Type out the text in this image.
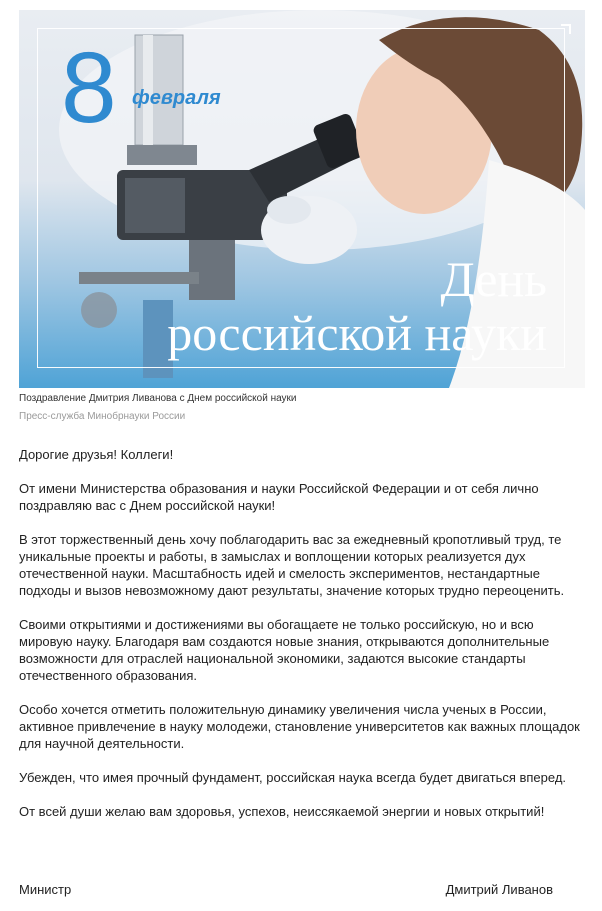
8 февраля
День
российской науки
Поздравление Дмитрия Ливанова с Днем российской науки
Пресс-служба Минобрнауки России

Дорогие друзья! Коллеги!

От имени Министерства образования и науки Российской Федерации и от себя лично поздравляю вас с Днем российской науки!

В этот торжественный день хочу поблагодарить вас за ежедневный кропотливый труд, те уникальные проекты и работы, в замыслах и воплощении которых реализуется дух отечественной науки. Масштабность идей и смелость экспериментов, нестандартные подходы и вызов невозможному дают результаты, значение которых трудно переоценить.

Своими открытиями и достижениями вы обогащаете не только российскую, но и всю мировую науку. Благодаря вам создаются новые знания, открываются дополнительные возможности для отраслей национальной экономики, задаются высокие стандарты отечественного образования.

Особо хочется отметить положительную динамику увеличения числа ученых в России, активное привлечение в науку молодежи, становление университетов как важных площадок для научной деятельности.

Убежден, что имея прочный фундамент, российская наука всегда будет двигаться вперед.

От всей души желаю вам здоровья, успехов, неиссякаемой энергии и новых открытий!

Министр	Дмитрий Ливанов
